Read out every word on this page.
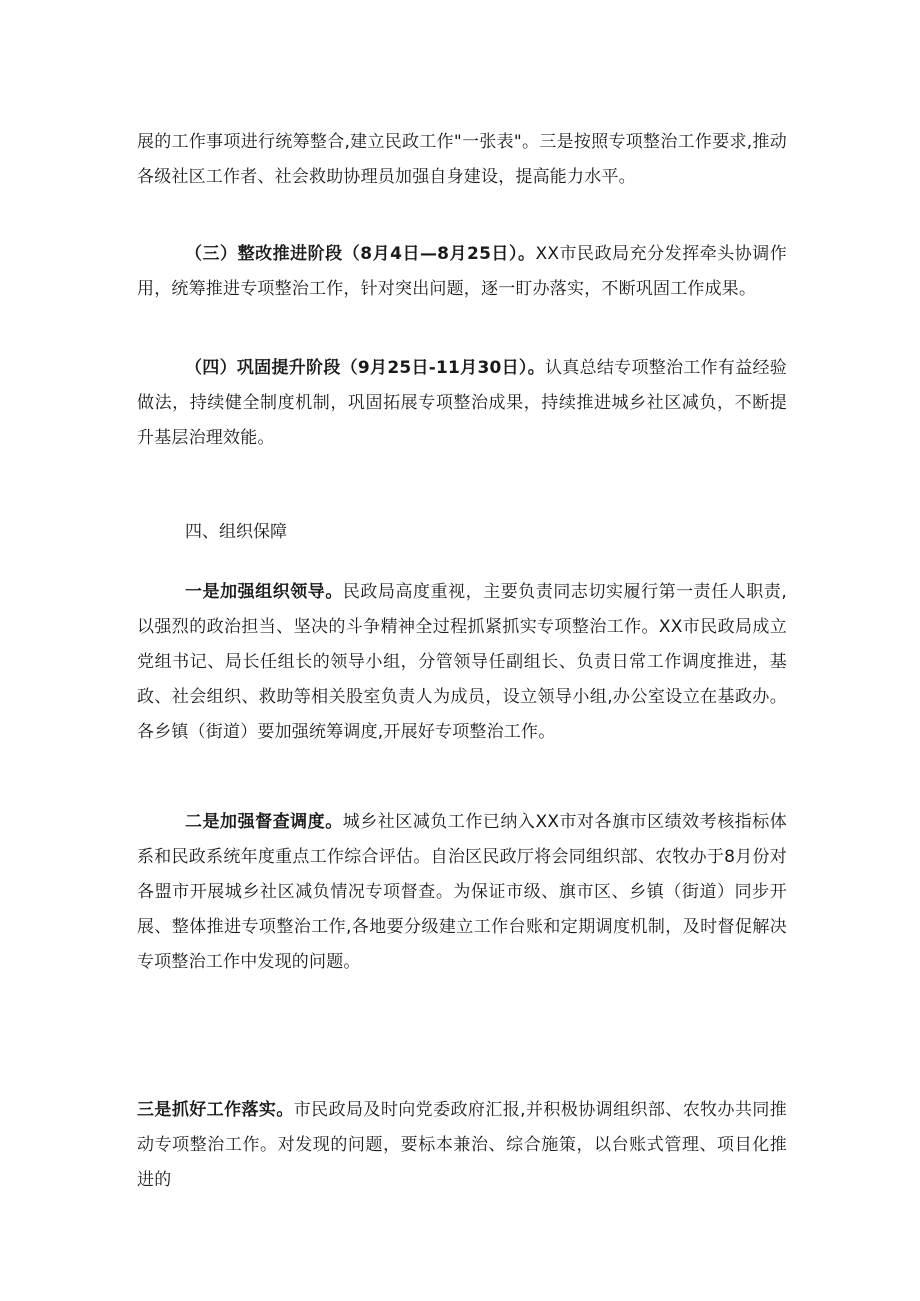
展的工作事项进行统筹整合,建立民政工作"一张表"。三是按照专项整治工作要求,推动各级社区工作者、社会救助协理员加强自身建设，提高能力水平。

（三）整改推进阶段（8月4日—8月25日）。XX市民政局充分发挥牵头协调作用，统筹推进专项整治工作，针对突出问题，逐一盯办落实，不断巩固工作成果。

（四）巩固提升阶段（9月25日-11月30日）。认真总结专项整治工作有益经验做法，持续健全制度机制，巩固拓展专项整治成果，持续推进城乡社区减负，不断提升基层治理效能。

四、组织保障

一是加强组织领导。民政局高度重视，主要负责同志切实履行第一责任人职责,以强烈的政治担当、坚决的斗争精神全过程抓紧抓实专项整治工作。XX市民政局成立党组书记、局长任组长的领导小组，分管领导任副组长、负责日常工作调度推进，基政、社会组织、救助等相关股室负责人为成员，设立领导小组,办公室设立在基政办。各乡镇（街道）要加强统筹调度,开展好专项整治工作。

二是加强督查调度。城乡社区减负工作已纳入XX市对各旗市区绩效考核指标体系和民政系统年度重点工作综合评估。自治区民政厅将会同组织部、农牧办于8月份对各盟市开展城乡社区减负情况专项督查。为保证市级、旗市区、乡镇（街道）同步开展、整体推进专项整治工作,各地要分级建立工作台账和定期调度机制，及时督促解决专项整治工作中发现的问题。

三是抓好工作落实。市民政局及时向党委政府汇报,并积极协调组织部、农牧办共同推动专项整治工作。对发现的问题，要标本兼治、综合施策，以台账式管理、项目化推进的
